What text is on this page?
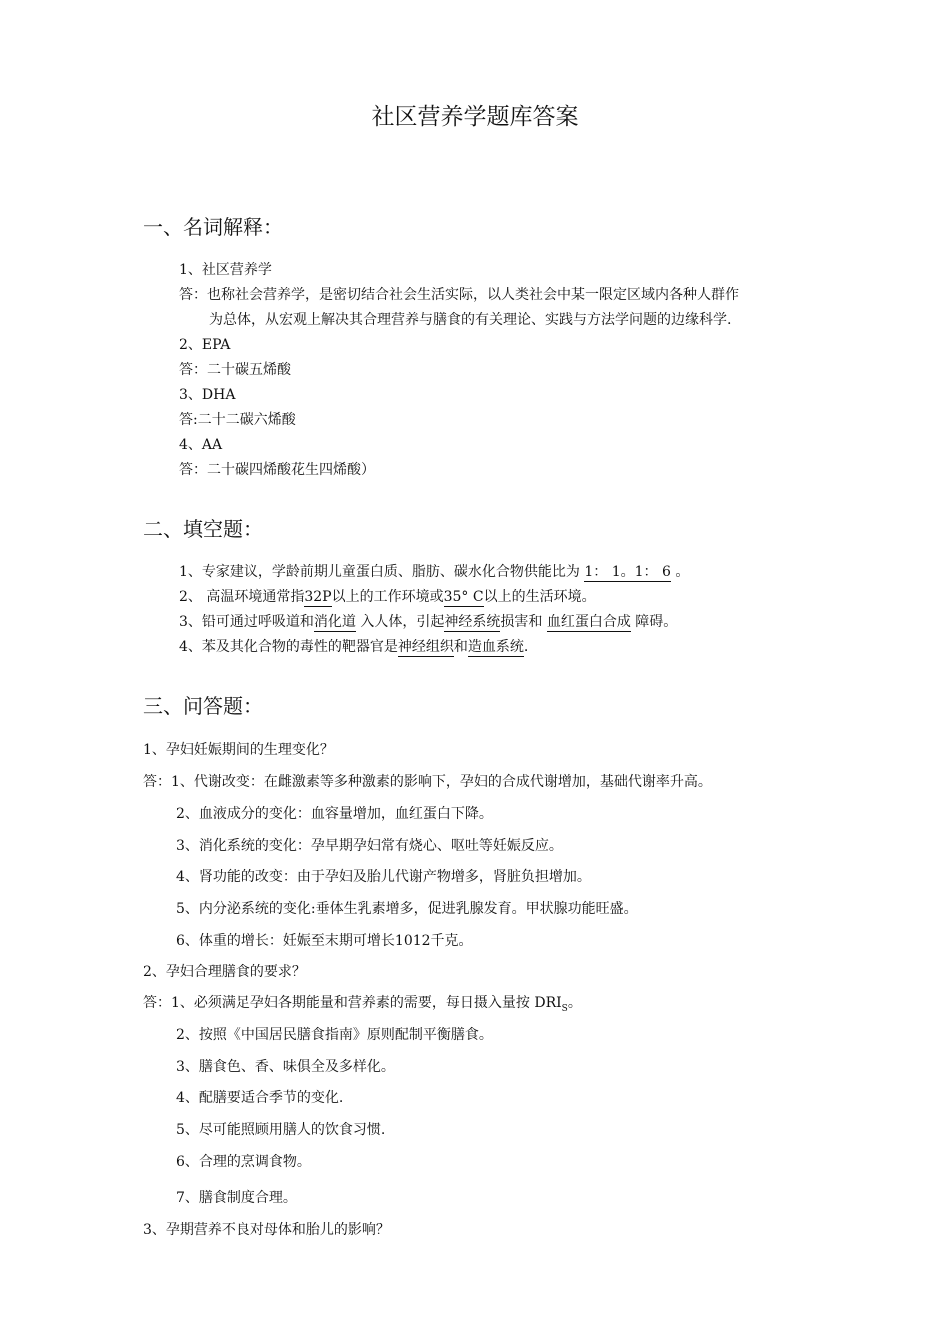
社区营养学题库答案
一、名词解释：
1、社区营养学
答：也称社会营养学，是密切结合社会生活实际，以人类社会中某一限定区域内各种人群作
为总体，从宏观上解决其合理营养与膳食的有关理论、实践与方法学问题的边缘科学.
2、EPA
答：二十碳五烯酸
3、DHA
答:二十二碳六烯酸
4、AA
答：二十碳四烯酸花生四烯酸）
二、填空题：
1、专家建议，学龄前期儿童蛋白质、脂肪、碳水化合物供能比为 1： 1。1： 6 。
2、 高温环境通常指32P以上的工作环境或35° C以上的生活环境。
3、铅可通过呼吸道和消化道 入人体，引起神经系统损害和 血红蛋白合成 障碍。
4、苯及其化合物的毒性的靶器官是神经组织和造血系统.
三、问答题：
1、孕妇妊娠期间的生理变化？
答：1、代谢改变：在雌激素等多种激素的影响下，孕妇的合成代谢增加，基础代谢率升高。
2、血液成分的变化：血容量增加，血红蛋白下降。
3、消化系统的变化：孕早期孕妇常有烧心、呕吐等妊娠反应。
4、肾功能的改变：由于孕妇及胎儿代谢产物增多，肾脏负担增加。
5、内分泌系统的变化:垂体生乳素增多，促进乳腺发育。甲状腺功能旺盛。
6、体重的增长：妊娠至末期可增长1012千克。
2、孕妇合理膳食的要求？
答：1、必须满足孕妇各期能量和营养素的需要，每日摄入量按 $DRI_S$。
2、按照《中国居民膳食指南》原则配制平衡膳食。
3、膳食色、香、味俱全及多样化。
4、配膳要适合季节的变化.
5、尽可能照顾用膳人的饮食习惯.
6、合理的烹调食物。
7、膳食制度合理。
3、孕期营养不良对母体和胎儿的影响？
